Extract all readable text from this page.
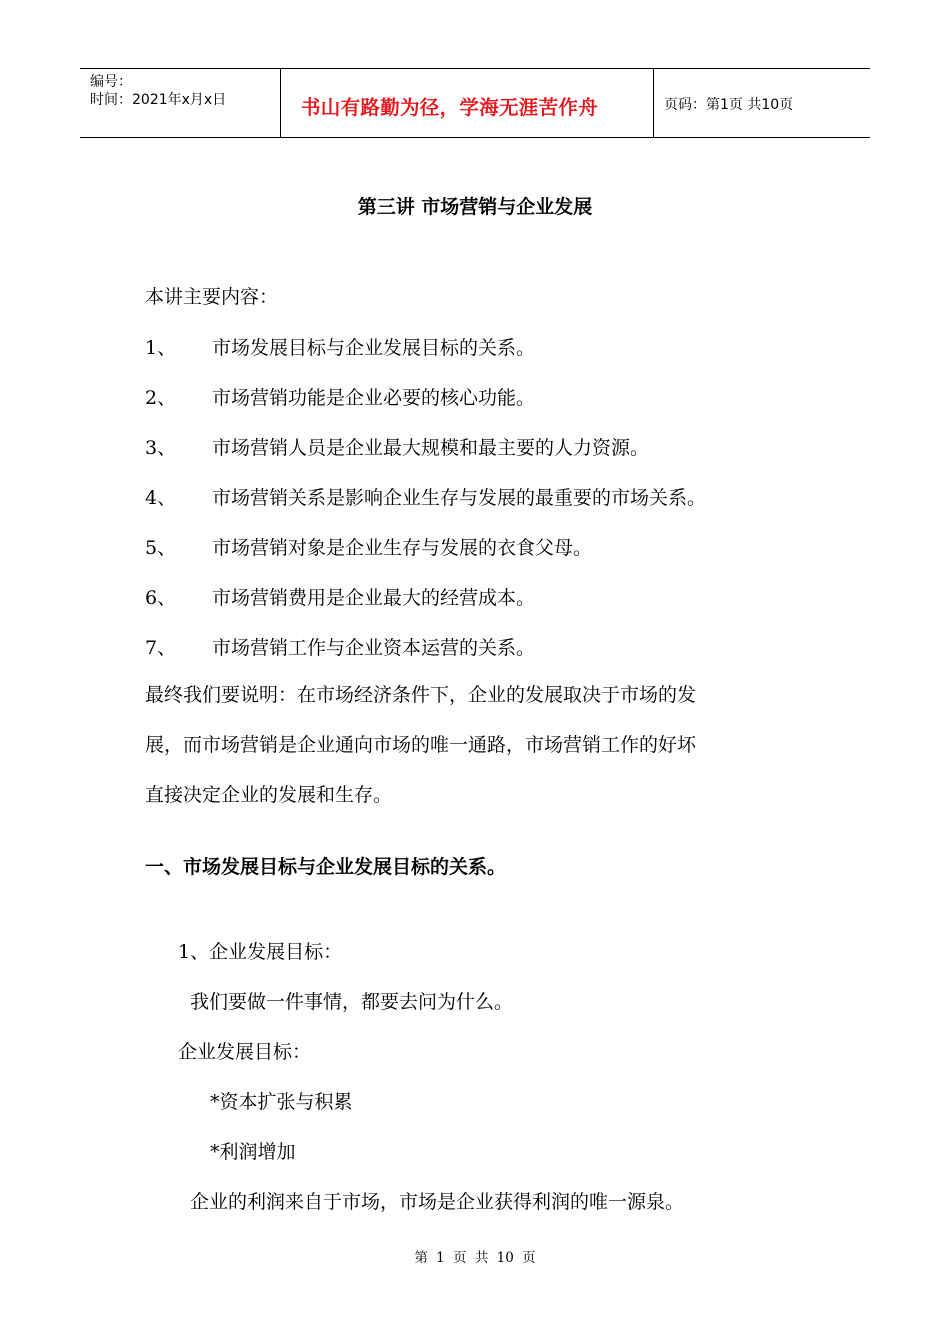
编号：
时间：2021年x月x日	书山有路勤为径，学海无涯苦作舟	页码：第1页 共10页
第三讲 市场营销与企业发展
本讲主要内容：
1、 市场发展目标与企业发展目标的关系。
2、 市场营销功能是企业必要的核心功能。
3、 市场营销人员是企业最大规模和最主要的人力资源。
4、 市场营销关系是影响企业生存与发展的最重要的市场关系。
5、 市场营销对象是企业生存与发展的衣食父母。
6、 市场营销费用是企业最大的经营成本。
7、 市场营销工作与企业资本运营的关系。
最终我们要说明：在市场经济条件下，企业的发展取决于市场的发
展，而市场营销是企业通向市场的唯一通路，市场营销工作的好坏
直接决定企业的发展和生存。
一、市场发展目标与企业发展目标的关系。
1、企业发展目标：
我们要做一件事情，都要去问为什么。
企业发展目标：
*资本扩张与积累
*利润增加
企业的利润来自于市场，市场是企业获得利润的唯一源泉。
第 1 页 共 10 页
